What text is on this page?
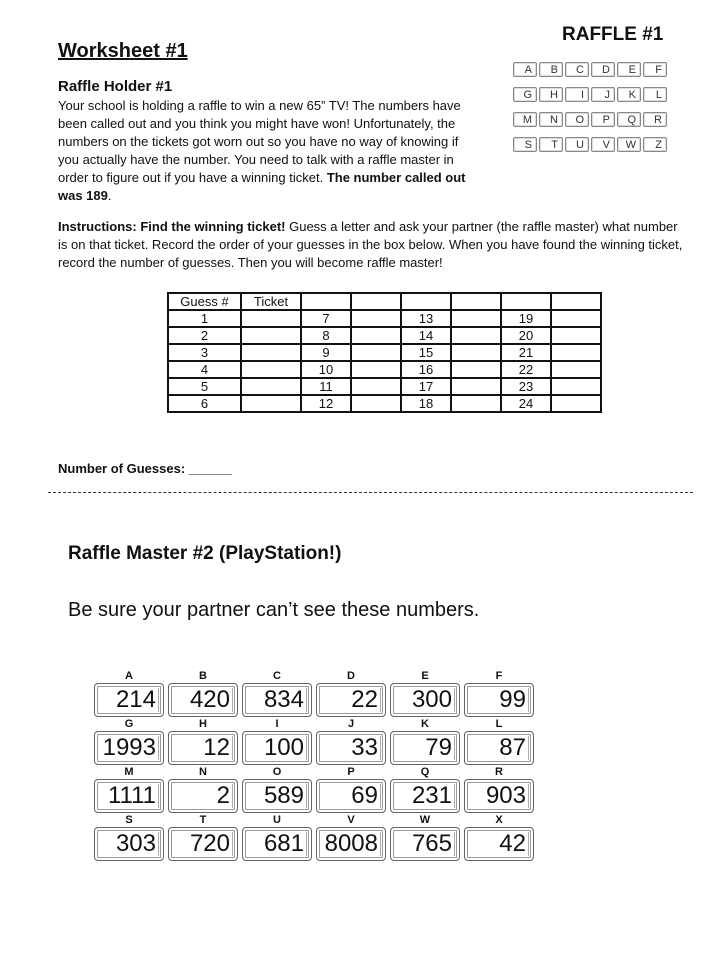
Worksheet #1
RAFFLE #1
Raffle Holder #1
Your school is holding a raffle to win a new 65” TV! The numbers have been called out and you think you might have won! Unfortunately, the numbers on the tickets got worn out so you have no way of knowing if you actually have the number. You need to talk with a raffle master in order to figure out if you have a winning ticket. The number called out was 189.
A	B	C	D	E	F
G	H	I	J	K	L
M	N	O	P	Q	R
S	T	U	V	W	Z
Instructions: Find the winning ticket! Guess a letter and ask your partner (the raffle master) what number is on that ticket. Record the order of your guesses in the box below. When you have found the winning ticket, record the number of guesses. Then you will become raffle master!
Guess #	Ticket						
1		7		13		19	
2		8		14		20	
3		9		15		21	
4		10		16		22	
5		11		17		23	
6		12		18		24	
Number of Guesses: ______
Raffle Master #2 (PlayStation!)
Be sure your partner can’t see these numbers.
A
214
B
420
C
834
D
22
E
300
F
99
G
1993
H
12
I
100
J
33
K
79
L
87
M
1111
N
2
O
589
P
69
Q
231
R
903
S
303
T
720
U
681
V
8008
W
765
X
42
